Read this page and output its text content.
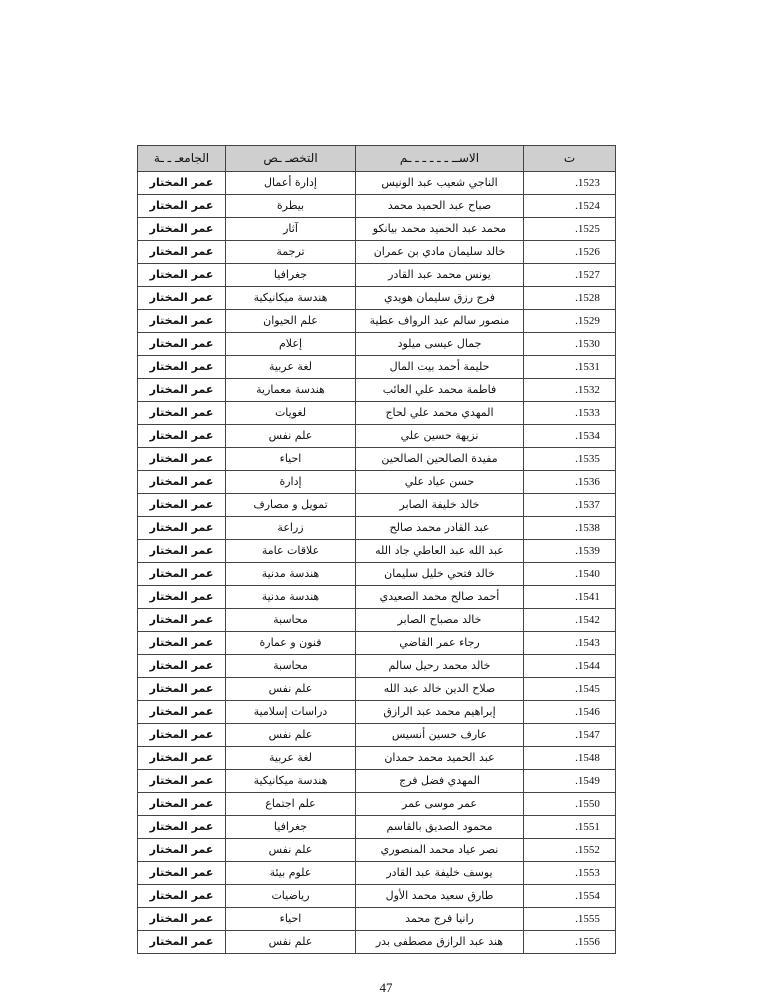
الجامعـ ـ ـة	التخصـ ـص	الاســ ـ ـ ـ ـ ـ ـم	ت
عمر المختار	إدارة أعمال	الناجي شعيب عبد الونيس	.1523
عمر المختار	بيطرة	صباح عبد الحميد محمد	.1524
عمر المختار	آثار	محمد عبد الحميد محمد بيانكو	.1525
عمر المختار	ترجمة	خالد سليمان مادي بن عمران	.1526
عمر المختار	جغرافيا	يونس محمد عبد القادر	.1527
عمر المختار	هندسة ميكانيكية	فرج رزق سليمان هويدي	.1528
عمر المختار	علم الحيوان	منصور سالم عبد الرواف عطية	.1529
عمر المختار	إعلام	جمال عيسى ميلود	.1530
عمر المختار	لغة عربية	حليمة أحمد بيت المال	.1531
عمر المختار	هندسة معمارية	فاطمة محمد علي العائب	.1532
عمر المختار	لغويات	المهدي محمد علي لحاج	.1533
عمر المختار	علم نفس	نزيهة حسين علي	.1534
عمر المختار	احياء	مفيدة الصالحين الصالحين	.1535
عمر المختار	إدارة	حسن عياد علي	.1536
عمر المختار	تمويل و مصارف	خالد خليفة الصابر	.1537
عمر المختار	زراعة	عبد القادر محمد صالح	.1538
عمر المختار	علاقات عامة	عبد الله عبد العاطي جاد الله	.1539
عمر المختار	هندسة مدنية	خالد فتحي خليل سليمان	.1540
عمر المختار	هندسة مدنية	أحمد صالح محمد الصعيدي	.1541
عمر المختار	محاسبة	خالد مصباح الصابر	.1542
عمر المختار	فنون و عمارة	رجاء عمر القاضي	.1543
عمر المختار	محاسبة	خالد محمد رحيل سالم	.1544
عمر المختار	علم نفس	صلاح الدين خالد عبد الله	.1545
عمر المختار	دراسات إسلامية	إبراهيم محمد عبد الرازق	.1546
عمر المختار	علم نفس	عارف حسين أنسيس	.1547
عمر المختار	لغة عربية	عبد الحميد محمد حمدان	.1548
عمر المختار	هندسة ميكانيكية	المهدي فضل فرج	.1549
عمر المختار	علم اجتماع	عمر موسى عمر	.1550
عمر المختار	جغرافيا	محمود الصديق بالقاسم	.1551
عمر المختار	علم نفس	نصر عياد محمد المنصوري	.1552
عمر المختار	علوم بيئة	يوسف خليفة عبد القادر	.1553
عمر المختار	رياضيات	طارق سعيد محمد الأول	.1554
عمر المختار	احياء	رانيا فرج محمد	.1555
عمر المختار	علم نفس	هند عبد الرازق مصطفى بدر	.1556
47
